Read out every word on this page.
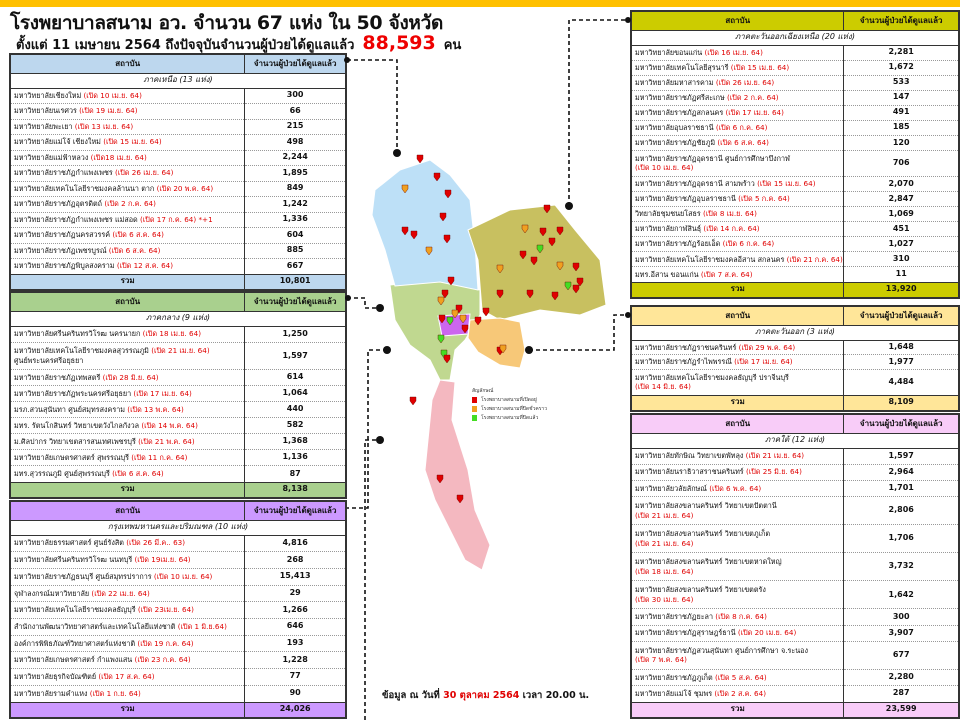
โรงพยาบาลสนาม อว. จำนวน 67 แห่ง ใน 50 จังหวัด
ตั้งแต่ 11 เมษายน 2564 ถึงปัจจุบันจำนวนผู้ป่วยได้ดูแลแล้ว 88,593 คน
สถาบัน	จำนวนผู้ป่วยได้ดูแลแล้ว
ภาคเหนือ (13 แห่ง)	
มหาวิทยาลัยเชียงใหม่ (เปิด 10 เม.ย. 64)	300
มหาวิทยาลัยนเรศวร (เปิด 19 เม.ย. 64)	66
มหาวิทยาลัยพะเยา (เปิด 13 เม.ย. 64)	215
มหาวิทยาลัยแม่โจ้ เชียงใหม่ (เปิด 15 เม.ย. 64)	498
มหาวิทยาลัยแม่ฟ้าหลวง (เปิด18 เม.ย. 64)	2,244
มหาวิทยาลัยราชภัฏกำแพงเพชร (เปิด 26 เม.ย. 64)	1,895
มหาวิทยาลัยเทคโนโลยีราชมงคลล้านนา ตาก (เปิด 20 พ.ค. 64)	849
มหาวิทยาลัยราชภัฏอุตรดิตถ์ (เปิด 2 ก.ค. 64)	1,242
มหาวิทยาลัยราชภัฏกำแพงเพชร แม่สอด (เปิด 17 ก.ค. 64) *+1	1,336
มหาวิทยาลัยราชภัฏนครสวรรค์ (เปิด 6 ส.ค. 64)	604
มหาวิทยาลัยราชภัฏเพชรบูรณ์ (เปิด 6 ส.ค. 64)	885
มหาวิทยาลัยราชภัฏพิบูลสงคราม (เปิด 12 ส.ค. 64)	667
รวม	10,801
สถาบัน	จำนวนผู้ป่วยได้ดูแลแล้ว
ภาคกลาง (9 แห่ง)	
มหาวิทยาลัยศรีนครินทรวิโรฒ นครนายก (เปิด 18 เม.ย. 64)	1,250
มหาวิทยาลัยเทคโนโลยีราชมงคลสุวรรณภูมิ (เปิด 21 เม.ย. 64)
ศูนย์พระนครศรีอยุธยา	1,597
มหาวิทยาลัยราชภัฏเทพสตรี (เปิด 28 มิ.ย. 64)	614
มหาวิทยาลัยราชภัฏพระนครศรีอยุธยา (เปิด 17 เม.ย. 64)	1,064
มรภ.สวนสุนันทา ศูนย์สมุทรสงคราม (เปิด 13 พ.ค. 64)	440
มทร. รัตนโกสินทร์ วิทยาเขตวังไกลกังวล (เปิด 14 พ.ค. 64)	582
ม.ศิลปากร วิทยาเขตสารสนเทศเพชรบุรี (เปิด 21 พ.ค. 64)	1,368
มหาวิทยาลัยเกษตรศาสตร์ สุพรรณบุรี (เปิด 11 ก.ค. 64)	1,136
มทร.สุวรรณภูมิ ศูนย์สุพรรณบุรี (เปิด 6 ส.ค. 64)	87
รวม	8,138
สถาบัน	จำนวนผู้ป่วยได้ดูแลแล้ว
กรุงเทพมหานครและปริมณฑล (10 แห่ง)	
มหาวิทยาลัยธรรมศาสตร์ ศูนย์รังสิต (เปิด 26 มี.ค.. 63)	4,816
มหาวิทยาลัยศรีนครินทรวิโรฒ นนทบุรี (เปิด 19เม.ย. 64)	268
มหาวิทยาลัยราชภัฏธนบุรี ศูนย์สมุทรปราการ (เปิด 10 เม.ย. 64)	15,413
จุฬาลงกรณ์มหาวิทยาลัย (เปิด 22 เม.ย. 64)	29
มหาวิทยาลัยเทคโนโลยีราชมงคลธัญบุรี (เปิด 23เม.ย. 64)	1,266
สำนักงานพัฒนาวิทยาศาสตร์และเทคโนโลยีแห่งชาติ (เปิด 1 มิ.ย.64)	646
องค์การพิพิธภัณฑ์วิทยาศาสตร์แห่งชาติ (เปิด 19 ก.ค. 64)	193
มหาวิทยาลัยเกษตรศาสตร์ กำแพงแสน (เปิด 23 ก.ค. 64)	1,228
มหาวิทยาลัยธุรกิจบัณฑิตย์ (เปิด 17 ส.ค. 64)	77
มหาวิทยาลัยรามคำแหง (เปิด 1 ก.ย. 64)	90
รวม	24,026
สถาบัน	จำนวนผู้ป่วยได้ดูแลแล้ว
ภาคตะวันออกเฉียงเหนือ (20 แห่ง)	
มหาวิทยาลัยขอนแก่น (เปิด 16 เม.ย. 64)	2,281
มหาวิทยาลัยเทคโนโลยีสุรนารี (เปิด 15 เม.ย. 64)	1,672
มหาวิทยาลัยมหาสารคาม (เปิด 26 เม.ย. 64)	533
มหาวิทยาลัยราชภัฏศรีสะเกษ (เปิด 2 ก.ค. 64)	147
มหาวิทยาลัยราชภัฏสกลนคร (เปิด 17 เม.ย. 64)	491
มหาวิทยาลัยอุบลราชธานี (เปิด 6 ก.ค. 64)	185
มหาวิทยาลัยราชภัฏชัยภูมิ (เปิด 6 ส.ค. 64)	120
มหาวิทยาลัยราชภัฏอุดรธานี ศูนย์การศึกษาบึงกาฬ
(เปิด 10 เม.ย. 64)	706
มหาวิทยาลัยราชภัฏอุดรธานี สามพร้าว (เปิด 15 เม.ย. 64)	2,070
มหาวิทยาลัยราชภัฏอุบลราชธานี (เปิด 5 ก.ค. 64)	2,847
วิทยาลัยชุมชนยโสธร (เปิด 8 เม.ย. 64)	1,069
มหาวิทยาลัยกาฬสินธุ์ (เปิด 14 ก.ค. 64)	451
มหาวิทยาลัยราชภัฏร้อยเอ็ด (เปิด 6 ก.ค. 64)	1,027
มหาวิทยาลัยเทคโนโลยีราชมงคลอีสาน สกลนคร (เปิด 21 ก.ค. 64)	310
มทร.อีสาน ขอนแก่น (เปิด 7 ส.ค. 64)	11
รวม	13,920
สถาบัน	จำนวนผู้ป่วยได้ดูแลแล้ว
ภาคตะวันออก (3 แห่ง)	
มหาวิทยาลัยราชภัฏราชนครินทร์ (เปิด 29 พ.ค. 64)	1,648
มหาวิทยาลัยราชภัฏรำไพพรรณี (เปิด 17 เม.ย. 64)	1,977
มหาวิทยาลัยเทคโนโลยีราชมงคลธัญบุรี ปราจีนบุรี
(เปิด 14 มิ.ย. 64)	4,484
รวม	8,109
สถาบัน	จำนวนผู้ป่วยได้ดูแลแล้ว
ภาคใต้ (12 แห่ง)	
มหาวิทยาลัยทักษิณ วิทยาเขตพัทลุง (เปิด 21 เม.ย. 64)	1,597
มหาวิทยาลัยนราธิวาสราชนครินทร์ (เปิด 25 มิ.ย. 64)	2,964
มหาวิทยาลัยวลัยลักษณ์ (เปิด 6 พ.ค. 64)	1,701
มหาวิทยาลัยสงขลานครินทร์ วิทยาเขตปัตตานี
(เปิด 21 เม.ย. 64)	2,806
มหาวิทยาลัยสงขลานครินทร์ วิทยาเขตภูเก็ต
(เปิด 21 เม.ย. 64)	1,706
มหาวิทยาลัยสงขลานครินทร์ วิทยาเขตหาดใหญ่
(เปิด 18 เม.ย. 64)	3,732
มหาวิทยาลัยสงขลานครินทร์ วิทยาเขตตรัง
(เปิด 30 เม.ย. 64)	1,642
มหาวิทยาลัยราชภัฏยะลา (เปิด 8 ก.ค. 64)	300
มหาวิทยาลัยราชภัฏสุราษฎร์ธานี (เปิด 20 เม.ย. 64)	3,907
มหาวิทยาลัยราชภัฏสวนสุนันทา ศูนย์การศึกษา จ.ระนอง
(เปิด 7 พ.ค. 64)	677
มหาวิทยาลัยราชภัฏภูเก็ต (เปิด 5 ส.ค. 64)	2,280
มหาวิทยาลัยแม่โจ้ ชุมพร (เปิด 2 ส.ค. 64)	287
รวม	23,599
สัญลักษณ์
โรงพยาบาลสนามที่เปิดอยู่
โรงพยาบาลสนามที่ปิดชั่วคราว
โรงพยาบาลสนามที่ปิดแล้ว
ข้อมูล ณ วันที่ 30 ตุลาคม 2564 เวลา 20.00 น.
